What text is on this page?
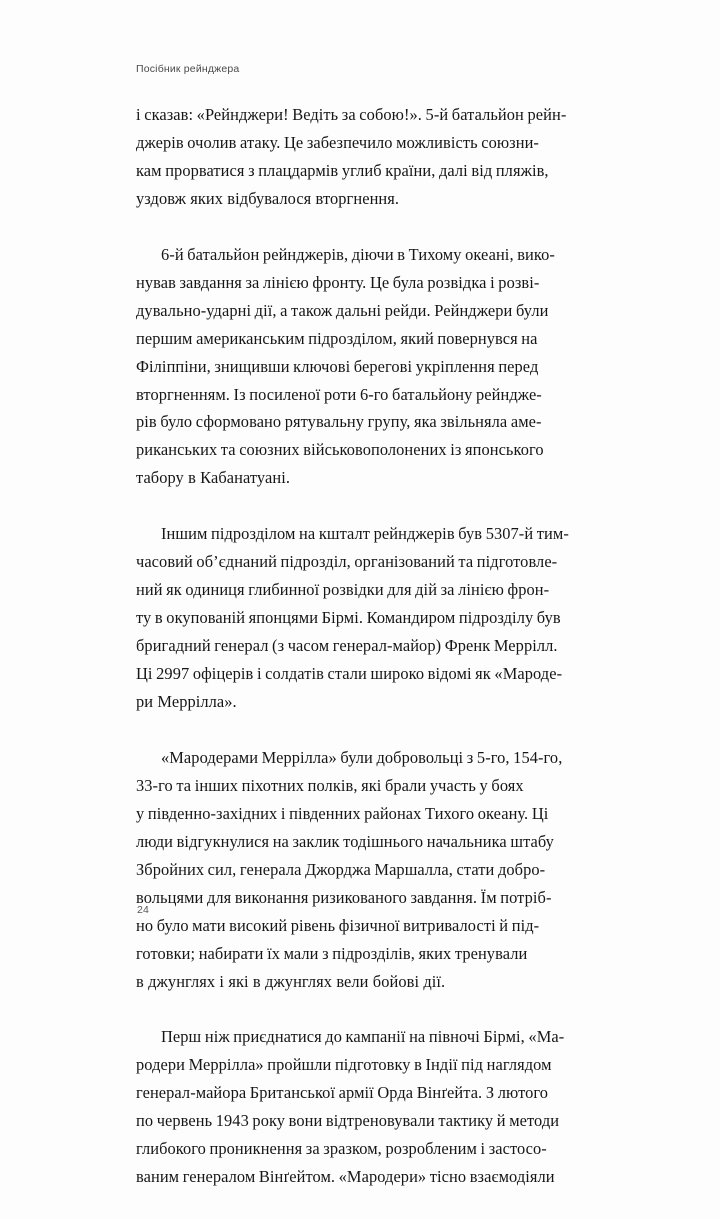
Посібник рейнджера

і сказав: «Рейнджери! Ведіть за собою!». 5-й батальйон рейн-
джерів очолив атаку. Це забезпечило можливість союзни-
кам прорватися з плацдармів углиб країни, далі від пляжів,
уздовж яких відбувалося вторгнення.

6-й батальйон рейнджерів, діючи в Тихому океані, вико-
нував завдання за лінією фронту. Це була розвідка і розві-
дувально-ударні дії, а також дальні рейди. Рейнджери були
першим американським підрозділом, який повернувся на
Філіппіни, знищивши ключові берегові укріплення перед
вторгненням. Із посиленої роти 6-го батальйону рейндже-
рів було сформовано рятувальну групу, яка звільняла аме-
риканських та союзних військовополонених із японського
табору в Кабанатуані.

Іншим підрозділом на кшталт рейнджерів був 5307-й тим-
часовий об’єднаний підрозділ, організований та підготовле-
ний як одиниця глибинної розвідки для дій за лінією фрон-
ту в окупованій японцями Бірмі. Командиром підрозділу був
бригадний генерал (з часом генерал-майор) Френк Меррілл.
Ці 2997 офіцерів і солдатів стали широко відомі як «Мароде-
ри Меррілла».

«Мародерами Меррілла» були добровольці з 5-го, 154-го,
33-го та інших піхотних полків, які брали участь у боях
у південно-західних і південних районах Тихого океану. Ці
люди відгукнулися на заклик тодішнього начальника штабу
Збройних сил, генерала Джорджа Маршалла, стати добро-
вольцями для виконання ризикованого завдання. Їм потріб-
но було мати високий рівень фізичної витривалості й під-
готовки; набирати їх мали з підрозділів, яких тренували
в джунглях і які в джунглях вели бойові дії.

Перш ніж приєднатися до кампанії на півночі Бірмі, «Ма-
родери Меррілла» пройшли підготовку в Індії під наглядом
генерал-майора Британської армії Орда Вінґейта. З лютого
по червень 1943 року вони відтреновували тактику й методи
глибокого проникнення за зразком, розробленим і застосо-
ваним генералом Вінґейтом. «Мародери» тісно взаємодіяли

24
